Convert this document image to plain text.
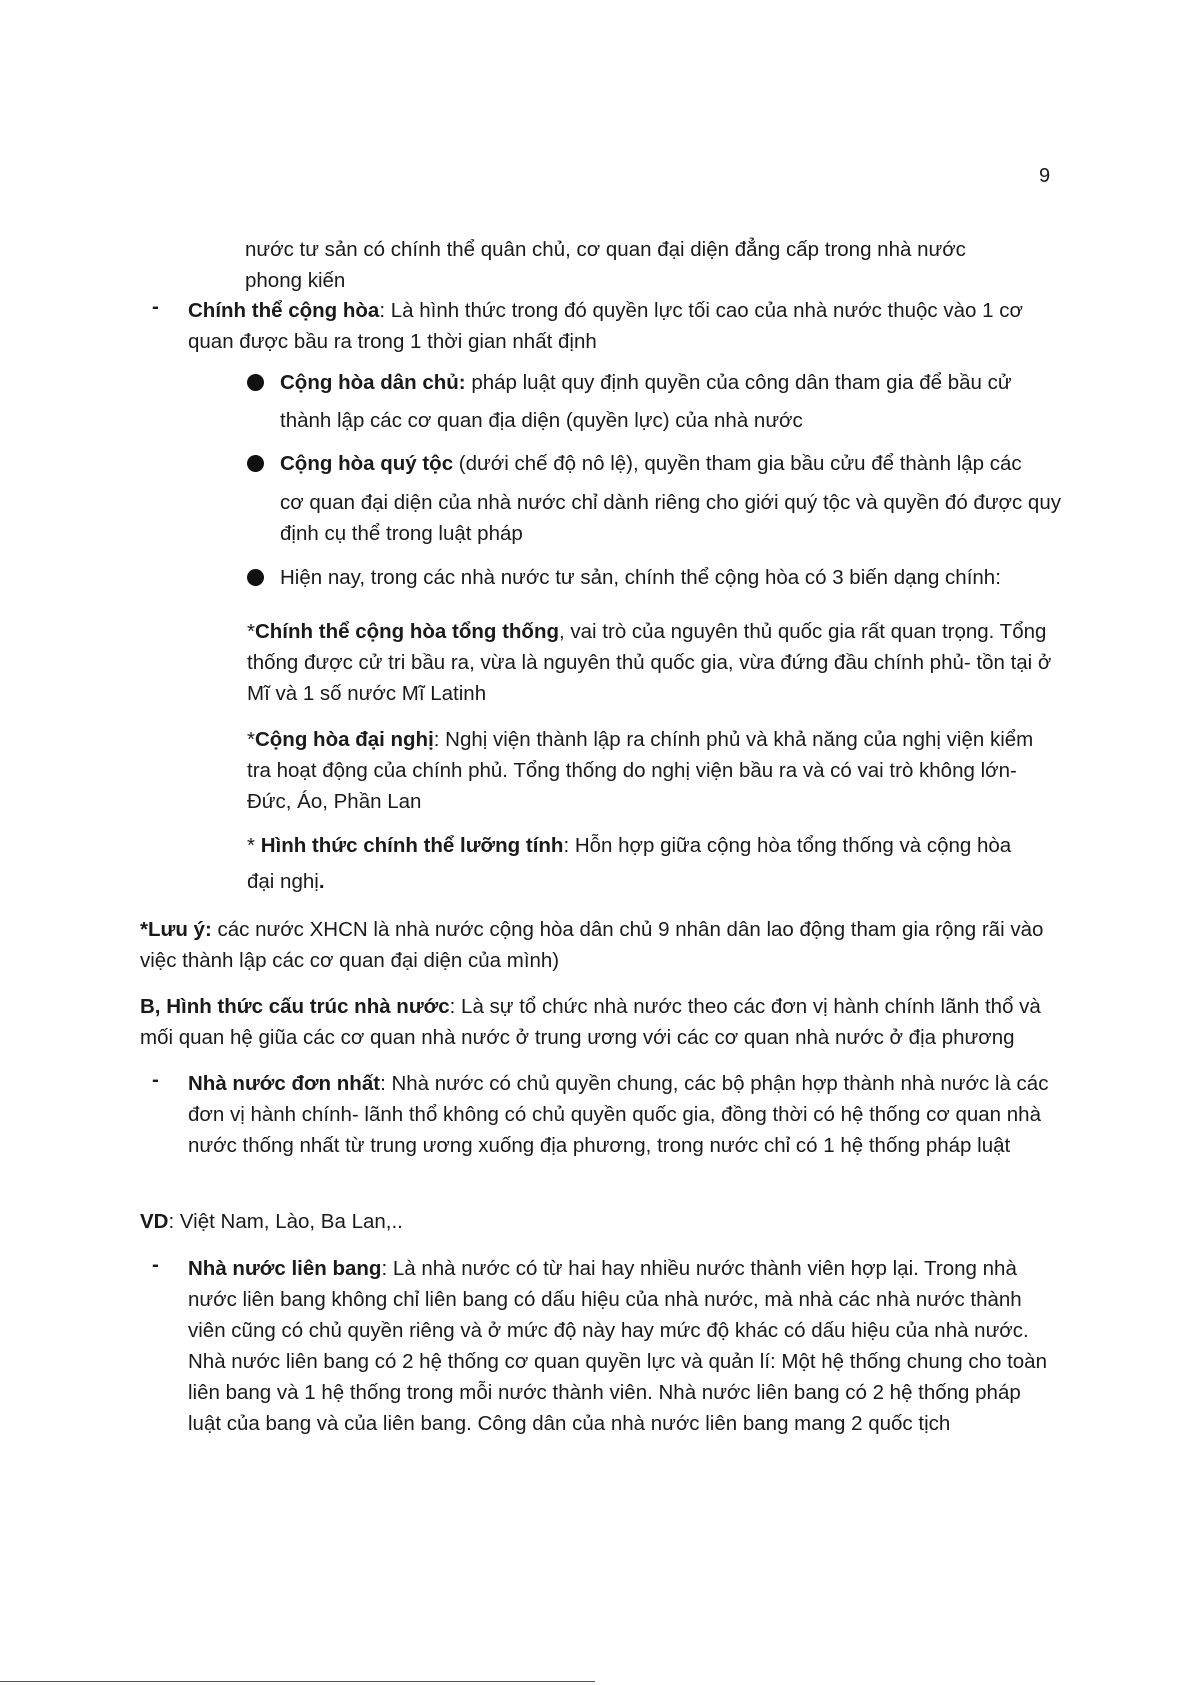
9

nước tư sản có chính thể quân chủ, cơ quan đại diện đẳng cấp trong nhà nước phong kiến

- Chính thể cộng hòa: Là hình thức trong đó quyền lực tối cao của nhà nước thuộc vào 1 cơ quan được bầu ra trong 1 thời gian nhất định

Cộng hòa dân chủ: pháp luật quy định quyền của công dân tham gia để bầu cử

thành lập các cơ quan địa diện (quyền lực) của nhà nước

Cộng hòa quý tộc (dưới chế độ nô lệ), quyền tham gia bầu cửu để thành lập các

cơ quan đại diện của nhà nước chỉ dành riêng cho giới quý tộc và quyền đó được quy định cụ thể trong luật pháp

Hiện nay, trong các nhà nước tư sản, chính thể cộng hòa có 3 biến dạng chính:

*Chính thể cộng hòa tổng thống, vai trò của nguyên thủ quốc gia rất quan trọng. Tổng thống được cử tri bầu ra, vừa là nguyên thủ quốc gia, vừa đứng đầu chính phủ- tồn tại ở Mĩ và 1 số nước Mĩ Latinh

*Cộng hòa đại nghị: Nghị viện thành lập ra chính phủ và khả năng của nghị viện kiểm tra hoạt động của chính phủ. Tổng thống do nghị viện bầu ra và có vai trò không lớn- Đức, Áo, Phần Lan

* Hình thức chính thể lưỡng tính: Hỗn hợp giữa cộng hòa tổng thống và cộng hòa

đại nghị.

*Lưu ý: các nước XHCN là nhà nước cộng hòa dân chủ 9 nhân dân lao động tham gia rộng rãi vào việc thành lập các cơ quan đại diện của mình)

B, Hình thức cấu trúc nhà nước: Là sự tổ chức nhà nước theo các đơn vị hành chính lãnh thổ và mối quan hệ giũa các cơ quan nhà nước ở trung ương với các cơ quan nhà nước ở địa phương

- Nhà nước đơn nhất: Nhà nước có chủ quyền chung, các bộ phận hợp thành nhà nước là các đơn vị hành chính- lãnh thổ không có chủ quyền quốc gia, đồng thời có hệ thống cơ quan nhà nước thống nhất từ trung ương xuống địa phương, trong nước chỉ có 1 hệ thống pháp luật

VD: Việt Nam, Lào, Ba Lan,..

- Nhà nước liên bang: Là nhà nước có từ hai hay nhiều nước thành viên hợp lại. Trong nhà nước liên bang không chỉ liên bang có dấu hiệu của nhà nước, mà nhà các nhà nước thành viên cũng có chủ quyền riêng và ở mức độ này hay mức độ khác có dấu hiệu của nhà nước. Nhà nước liên bang có 2 hệ thống cơ quan quyền lực và quản lí: Một hệ thống chung cho toàn liên bang và 1 hệ thống trong mỗi nước thành viên. Nhà nước liên bang có 2 hệ thống pháp luật của bang và của liên bang. Công dân của nhà nước liên bang mang 2 quốc tịch
